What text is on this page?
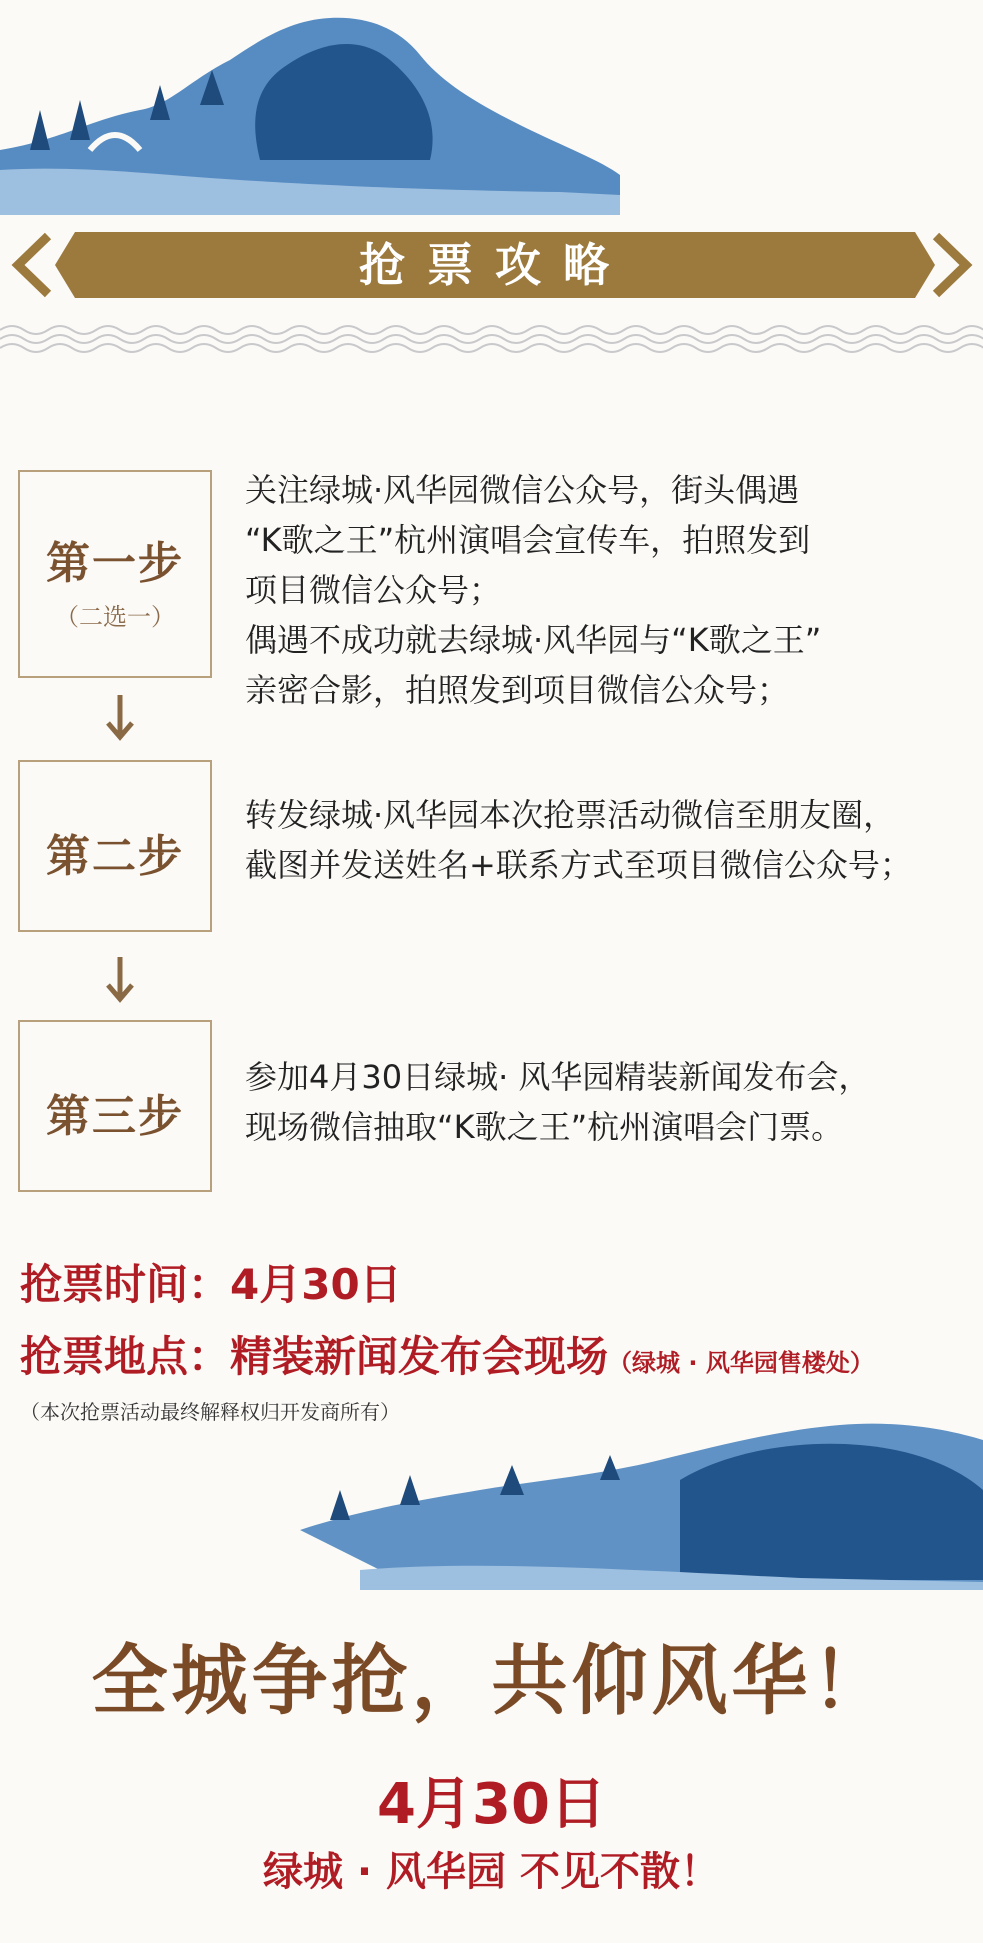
抢票攻略
第一步
（二选一）
关注绿城·风华园微信公众号，街头偶遇
“K歌之王”杭州演唱会宣传车，拍照发到
项目微信公众号；
偶遇不成功就去绿城·风华园与“K歌之王”
亲密合影，拍照发到项目微信公众号；
第二步
转发绿城·风华园本次抢票活动微信至朋友圈，
截图并发送姓名+联系方式至项目微信公众号；
第三步
参加4月30日绿城· 风华园精装新闻发布会，
现场微信抽取“K歌之王”杭州演唱会门票。
抢票时间：4月30日
抢票地点：精装新闻发布会现场（绿城 · 风华园售楼处）
（本次抢票活动最终解释权归开发商所有）
全城争抢，共仰风华！
4月30日
绿城 · 风华园 不见不散！
